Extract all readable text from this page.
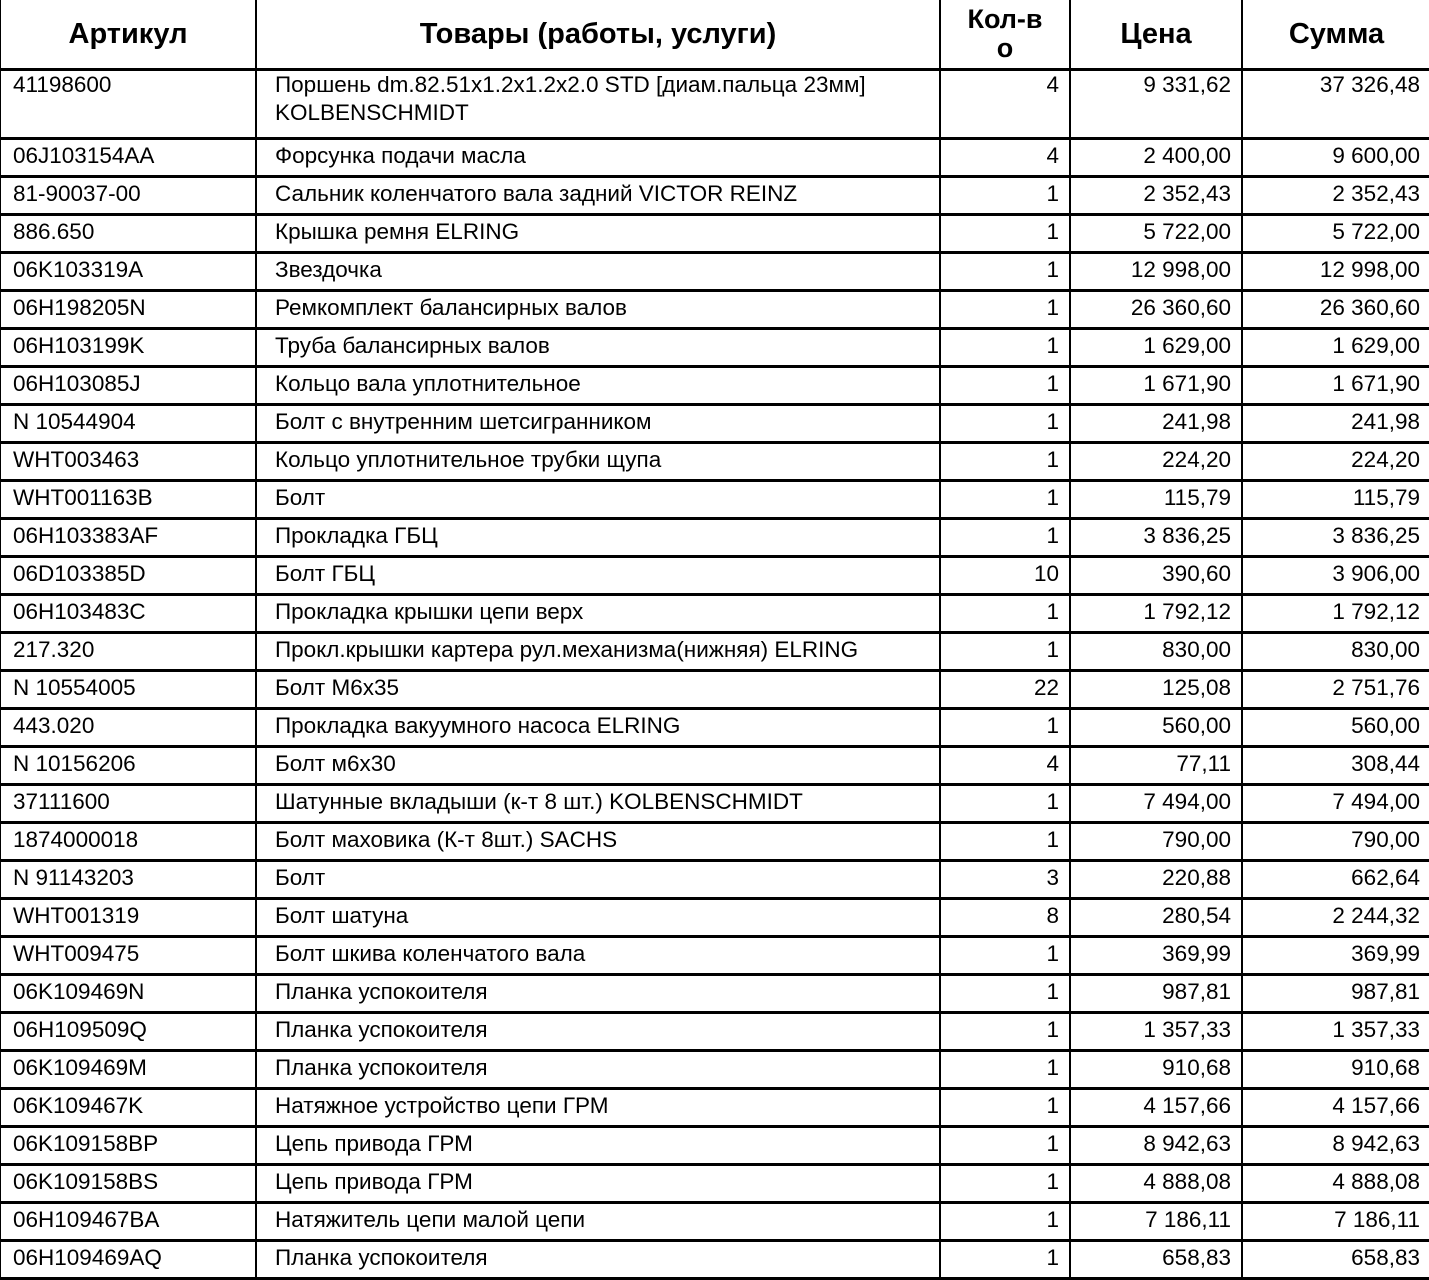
Артикул	Товары (работы, услуги)	Кол-во	Цена	Сумма
41198600	Поршень dm.82.51x1.2x1.2x2.0 STD [диам.пальца 23мм] KOLBENSCHMIDT	4	9 331,62	37 326,48
06J103154AA	Форсунка подачи масла	4	2 400,00	9 600,00
81-90037-00	Сальник коленчатого вала задний VICTOR REINZ	1	2 352,43	2 352,43
886.650	Крышка ремня ELRING	1	5 722,00	5 722,00
06K103319A	Звездочка	1	12 998,00	12 998,00
06H198205N	Ремкомплект балансирных валов	1	26 360,60	26 360,60
06H103199K	Труба балансирных валов	1	1 629,00	1 629,00
06H103085J	Кольцо вала уплотнительное	1	1 671,90	1 671,90
N 10544904	Болт с внутренним шетсигранником	1	241,98	241,98
WHT003463	Кольцо уплотнительное трубки щупа	1	224,20	224,20
WHT001163B	Болт	1	115,79	115,79
06H103383AF	Прокладка ГБЦ	1	3 836,25	3 836,25
06D103385D	Болт ГБЦ	10	390,60	3 906,00
06H103483C	Прокладка крышки цепи верх	1	1 792,12	1 792,12
217.320	Прокл.крышки картера рул.механизма(нижняя) ELRING	1	830,00	830,00
N 10554005	Болт M6x35	22	125,08	2 751,76
443.020	Прокладка вакуумного насоса ELRING	1	560,00	560,00
N 10156206	Болт м6х30	4	77,11	308,44
37111600	Шатунные вкладыши (к-т 8 шт.) KOLBENSCHMIDT	1	7 494,00	7 494,00
1874000018	Болт маховика (К-т 8шт.) SACHS	1	790,00	790,00
N 91143203	Болт	3	220,88	662,64
WHT001319	Болт шатуна	8	280,54	2 244,32
WHT009475	Болт шкива коленчатого вала	1	369,99	369,99
06K109469N	Планка успокоителя	1	987,81	987,81
06H109509Q	Планка успокоителя	1	1 357,33	1 357,33
06K109469M	Планка успокоителя	1	910,68	910,68
06K109467K	Натяжное устройство цепи ГРМ	1	4 157,66	4 157,66
06K109158BP	Цепь привода ГРМ	1	8 942,63	8 942,63
06K109158BS	Цепь привода ГРМ	1	4 888,08	4 888,08
06H109467BA	Натяжитель цепи малой цепи	1	7 186,11	7 186,11
06H109469AQ	Планка успокоителя	1	658,83	658,83
